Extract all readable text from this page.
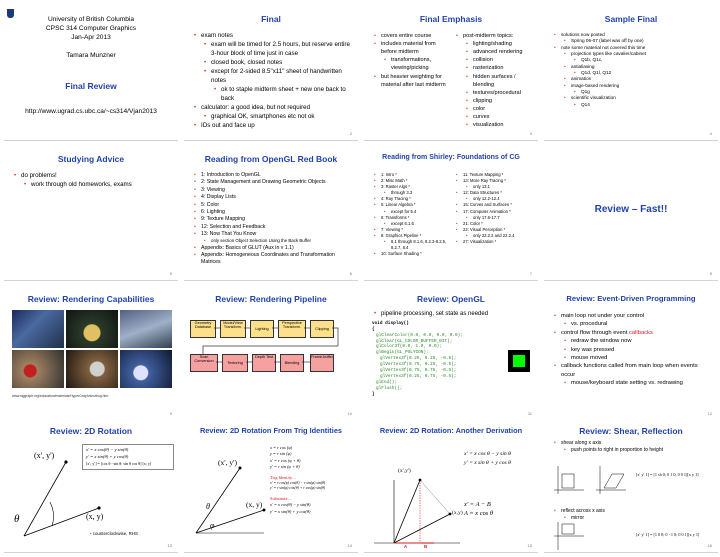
University of British Columbia
CPSC 314 Computer Graphics
Jan-Apr 2013
Tamara Munzner
Final Review
http://www.ugrad.cs.ubc.ca/~cs314/Vjan2013
Final
• exam notes
• exam will be timed for 2.5 hours, but reserve entire 3-hour block of time just in case
• closed book, closed notes
• except for 2-sided 8.5"x11" sheet of handwritten notes
• ok to staple midterm sheet + new one back to back
• calculator: a good idea, but not required
• graphical OK, smartphones etc not ok
• IDs out and face up
2
Final Emphasis
• covers entire course
• includes material from before midterm
• transformations, viewing/picking
• but heavier weighting for material after last midterm
• post-midterm topics:
• lighting/shading
• advanced rendering
• collision
• rasterization
• hidden surfaces / blending
• textures/procedural
• clipping
• color
• curves
• visualization
3
Sample Final
• solutions now posted
• Spring 06-07 (label was off by one)
• note some material not covered this time
• projection types like cavalier/cabinet
• Q1b, Q1c,
• antialiasing
• Q1d, Q1l, Q12
• animation
• image-based rendering
• Q1g
• scientific visualization
• Q14
4
Studying Advice
• do problems!
• work through old homeworks, exams
5
Reading from OpenGL Red Book
• 1: Introduction to OpenGL
• 2: State Management and Drawing Geometric Objects
• 3: Viewing
• 4: Display Lists
• 5: Color
• 6: Lighting
• 9: Texture Mapping
• 12: Selection and Feedback
• 13: Now That You Know
• only section Object Selection Using the Back Buffer
• Appendix: Basics of GLUT (Aux in v 1.1)
• Appendix: Homogeneous Coordinates and Transformation Matrices
6
Reading from Shirley: Foundations of CG
• 1: Intro *
• 2: Misc Math *
• 3: Raster Algs *
• through 3.3
• 4: Ray Tracing *
• 5: Linear Algebra *
• except for 5.4
• 6: Transforms *
• except 6.1.6
• 7: Viewing *
• 8: Graphics Pipeline *
• 8.1 through 8.1.6, 8.2.3-8.2.5, 8.2.7, 8.4
• 10: Surface Shading *
• 11: Texture Mapping *
• 13: More Ray Tracing *
• only 13.1
• 12: Data Structures *
• only 12.2-12.4
• 15: Curves and Surfaces *
• 17: Computer Animation *
• only 17.6-17.7
• 21: Color *
• 22: Visual Perception *
• only 22.2.2 and 22.2.4
• 27: Visualization *
7
Review – Fast!!
8
Review: Rendering Capabilities
www.siggraph.org/education/materials/HyperGraph/shutbug.htm
9
Review: Rendering Pipeline
Geometry Database
Model/View Transform.	Lighting
Perspective Transform.	Clipping
Scan Conversion	Texturing
Depth Test
Blending
Frame-buffer
10
Review: OpenGL
• pipeline processing, set state as needed
void display()
{
glClearColor(0.0, 0.0, 0.0, 0.0);
glClear(GL_COLOR_BUFFER_BIT);
glColor3f(0.0, 1.0, 0.0);
glBegin(GL_POLYGON);
glVertex3f(0.25, 0.25, -0.5);
glVertex3f(0.75, 0.25, -0.5);
glVertex3f(0.75, 0.75, -0.5);
glVertex3f(0.25, 0.75, -0.5);
glEnd();
glFlush();
}
11
Review: Event-Driven Programming
• main loop not under your control
• vs. procedural
• control flow through event callbacks
• redraw the window now
• key was pressed
• mouse moved
• callback functions called from main loop when events occur
• mouse/keyboard state setting vs. redrawing
12
Review: 2D Rotation
x' = x cos(θ) − y sin(θ)
y' = x sin(θ) + y cos(θ)
[x′; y′] = [cos θ −sin θ; sin θ cos θ] [x; y]
(x', y')
(x, y)
θ
• counterclockwise, RHS
13
Review: 2D Rotation From Trig Identities
x = r cos (φ)
y = r sin (φ)
x' = r cos (φ + θ)
y' = r sin (φ + θ)
Trig Identity…
x' = r cos(φ) cos(θ) − r sin(φ) sin(θ)
y' = r sin(φ) cos(θ) + r cos(φ) sin(θ)
Substitute…
x' = x cos(θ) − y sin(θ)
y' = x sin(θ) + y cos(θ)
(x', y')
(x, y)
θ
φ
14
Review: 2D Rotation: Another Derivation
x' = x cos θ − y sin θ
y' = x sin θ + y cos θ
x' = A − B
A = x cos θ
(x',y')
(x,y)
A	B	15
Review: Shear, Reflection
• shear along x axis
• push points to right in proportion to height
[x′ y′ 1] = [1 sh 0; 0 1 0; 0 0 1][x y 1]
• reflect across x axis
• mirror
[x′ y′ 1] = [1 0 0; 0 −1 0; 0 0 1][x y 1]
16
